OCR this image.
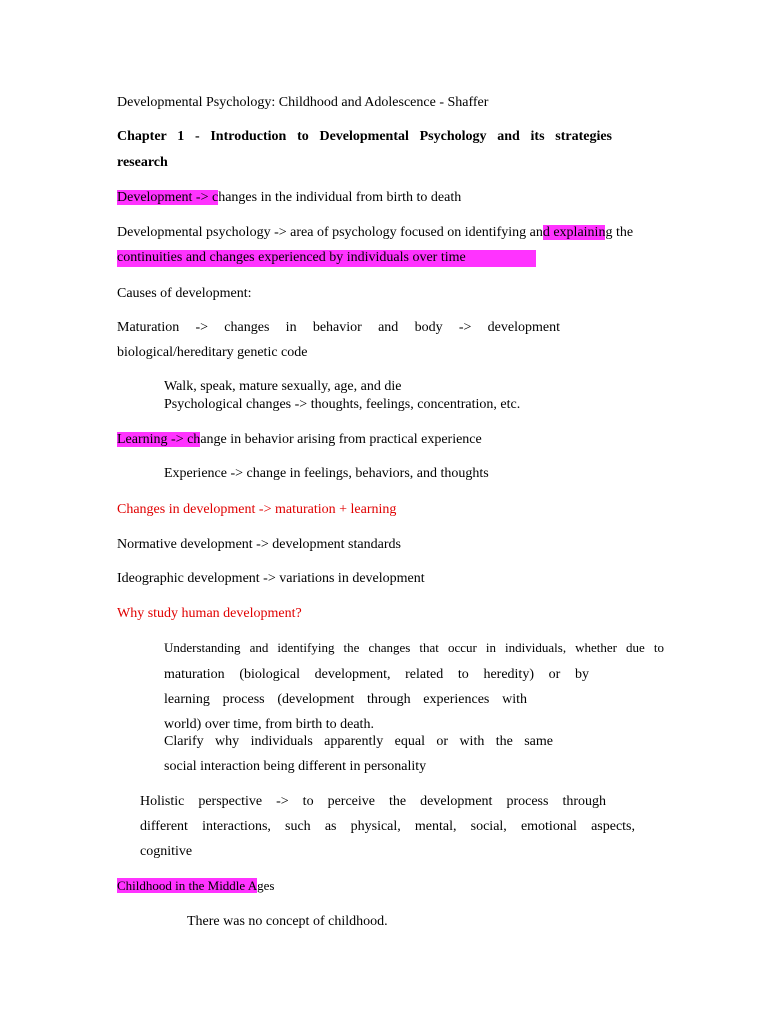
Developmental Psychology: Childhood and Adolescence - Shaffer
Chapter 1 - Introduction to Developmental Psychology and its strategies
research
Development -> changes in the individual from birth to death
Developmental psychology -> area of psychology focused on identifying and explaining the
continuities and changes experienced by individuals over time
Causes of development:
Maturation -> changes in behavior and body -> development
biological/hereditary genetic code
Walk, speak, mature sexually, age, and die
Psychological changes -> thoughts, feelings, concentration, etc.
Learning -> change in behavior arising from practical experience
Experience -> change in feelings, behaviors, and thoughts
Changes in development -> maturation + learning
Normative development -> development standards
Ideographic development -> variations in development
Why study human development?
Understanding and identifying the changes that occur in individuals, whether due to
maturation (biological development, related to heredity) or by
learning process (development through experiences with
world) over time, from birth to death.
Clarify why individuals apparently equal or with the same
social interaction being different in personality
Holistic perspective -> to perceive the development process through
different interactions, such as physical, mental, social, emotional aspects,
cognitive
Childhood in the Middle Ages
There was no concept of childhood.
